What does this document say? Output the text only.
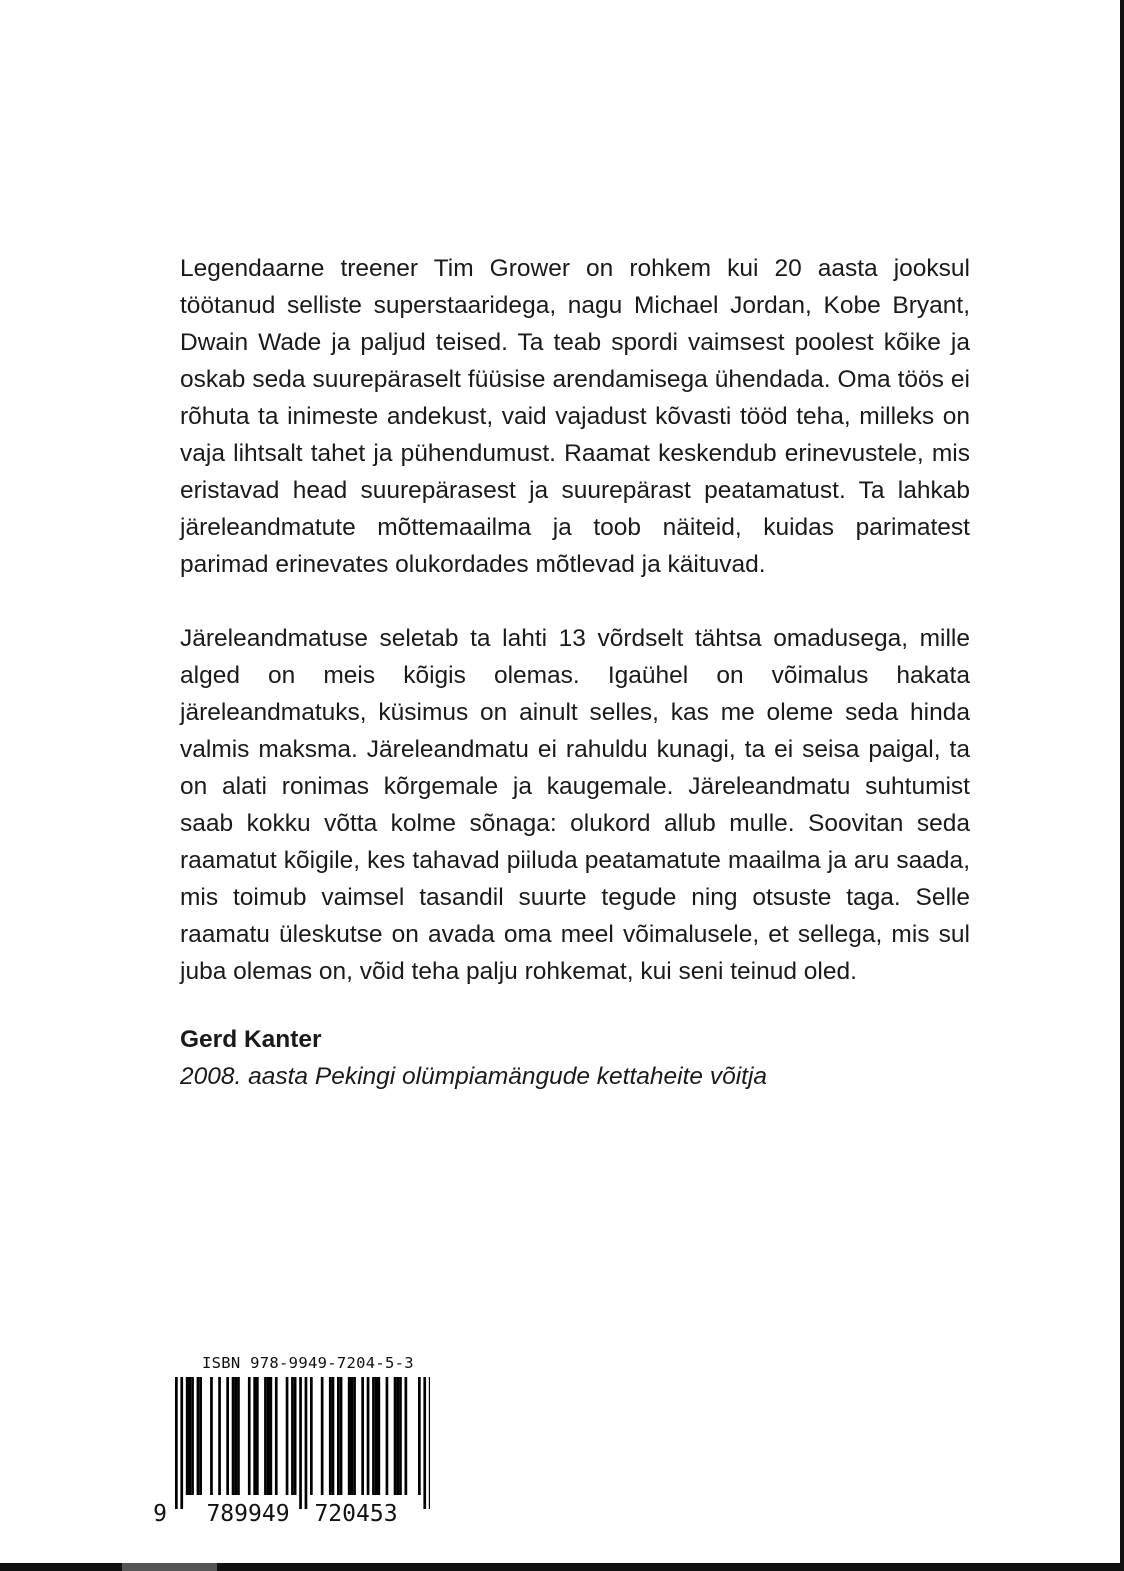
Legendaarne treener Tim Grower on rohkem kui 20 aasta jooksul töötanud selliste superstaaridega, nagu Michael Jordan, Kobe Bryant, Dwain Wade ja paljud teised. Ta teab spordi vaimsest poolest kõike ja oskab seda suurepäraselt füüsise arendamisega ühendada. Oma töös ei rõhuta ta inimeste andekust, vaid vajadust kõvasti tööd teha, milleks on vaja lihtsalt tahet ja pühendumust. Raamat keskendub erinevustele, mis eristavad head suurepärasest ja suurepärast peatamatust. Ta lahkab järeleandmatute mõttemaailma ja toob näiteid, kuidas parimatest parimad erinevates olukordades mõtlevad ja käituvad.

Järeleandmatuse seletab ta lahti 13 võrdselt tähtsa omadusega, mille alged on meis kõigis olemas. Igaühel on võimalus hakata järeleandmatuks, küsimus on ainult selles, kas me oleme seda hinda valmis maksma. Järeleandmatu ei rahuldu kunagi, ta ei seisa paigal, ta on alati ronimas kõrgemale ja kaugemale. Järeleandmatu suhtumist saab kokku võtta kolme sõnaga: olukord allub mulle. Soovitan seda raamatut kõigile, kes tahavad piiluda peatamatute maailma ja aru saada, mis toimub vaimsel tasandil suurte tegude ning otsuste taga. Selle raamatu üleskutse on avada oma meel võimalusele, et sellega, mis sul juba olemas on, võid teha palju rohkemat, kui seni teinud oled.

Gerd Kanter
2008. aasta Pekingi olümpiamängude kettaheite võitja
ISBN 978-9949-7204-5-3
9 789949 720453
